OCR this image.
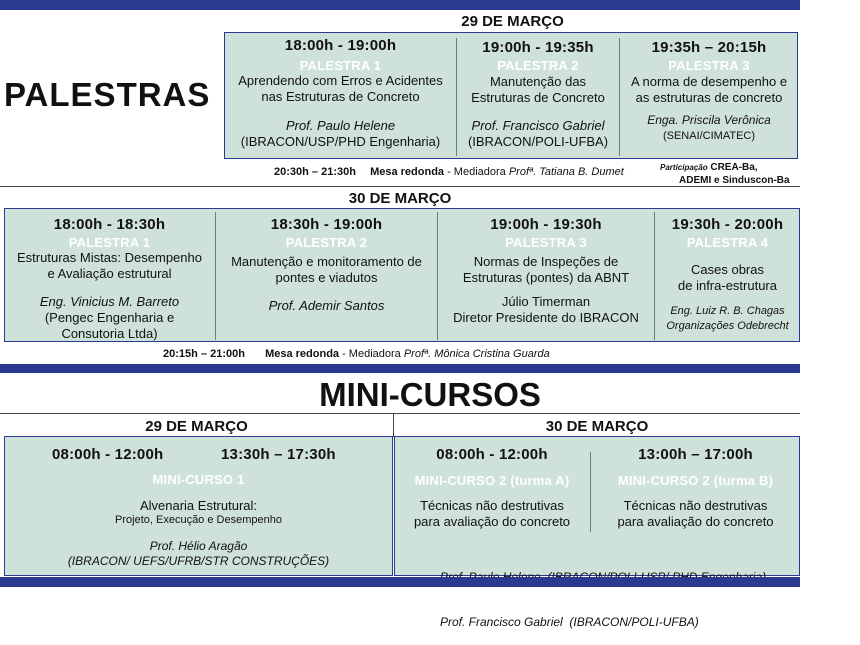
PALESTRAS
29 DE MARÇO
18:00h - 19:00h
PALESTRA 1
Aprendendo com Erros e Acidentes
nas Estruturas de Concreto
Prof. Paulo Helene
(IBRACON/USP/PHD Engenharia)
19:00h - 19:35h
PALESTRA 2
Manutenção das
Estruturas de Concreto
Prof. Francisco Gabriel
(IBRACON/POLI-UFBA)
19:35h – 20:15h
PALESTRA 3
A norma de desempenho e
as estruturas de concreto
Enga. Priscila Verônica
(SENAI/CIMATEC)
20:30h – 21:30h Mesa redonda - Mediadora Profª. Tatiana B. Dumet	Participação CREA-Ba,
ADEMI e Sinduscon-Ba
30 DE MARÇO
18:00h - 18:30h
PALESTRA 1
Estruturas Mistas: Desempenho
e Avaliação estrutural
Eng. Vinicius M. Barreto
(Pengec Engenharia e
Consutoria Ltda)
18:30h - 19:00h
PALESTRA 2
Manutenção e monitoramento de
pontes e viadutos
Prof. Ademir Santos
19:00h - 19:30h
PALESTRA 3
Normas de Inspeções de
Estruturas (pontes) da ABNT
Júlio Timerman
Diretor Presidente do IBRACON
19:30h - 20:00h
PALESTRA 4
Cases obras
de infra-estrutura
Eng. Luiz R. B. Chagas
Organizações Odebrecht
20:15h – 21:00h Mesa redonda - Mediadora Profª. Mônica Cristina Guarda
MINI-CURSOS
29 DE MARÇO	30 DE MARÇO
08:00h - 12:00h	13:30h – 17:30h
MINI-CURSO 1
Alvenaria Estrutural:
Projeto, Execução e Desempenho
Prof. Hélio Aragão
(IBRACON/ UEFS/UFRB/STR CONSTRUÇÕES)
08:00h - 12:00h
MINI-CURSO 2 (turma A)
Técnicas não destrutivas
para avaliação do concreto
13:00h – 17:00h
MINI-CURSO 2 (turma B)
Técnicas não destrutivas
para avaliação do concreto

Prof. Francisco Gabriel  (IBRACON/POLI-UFBA)
